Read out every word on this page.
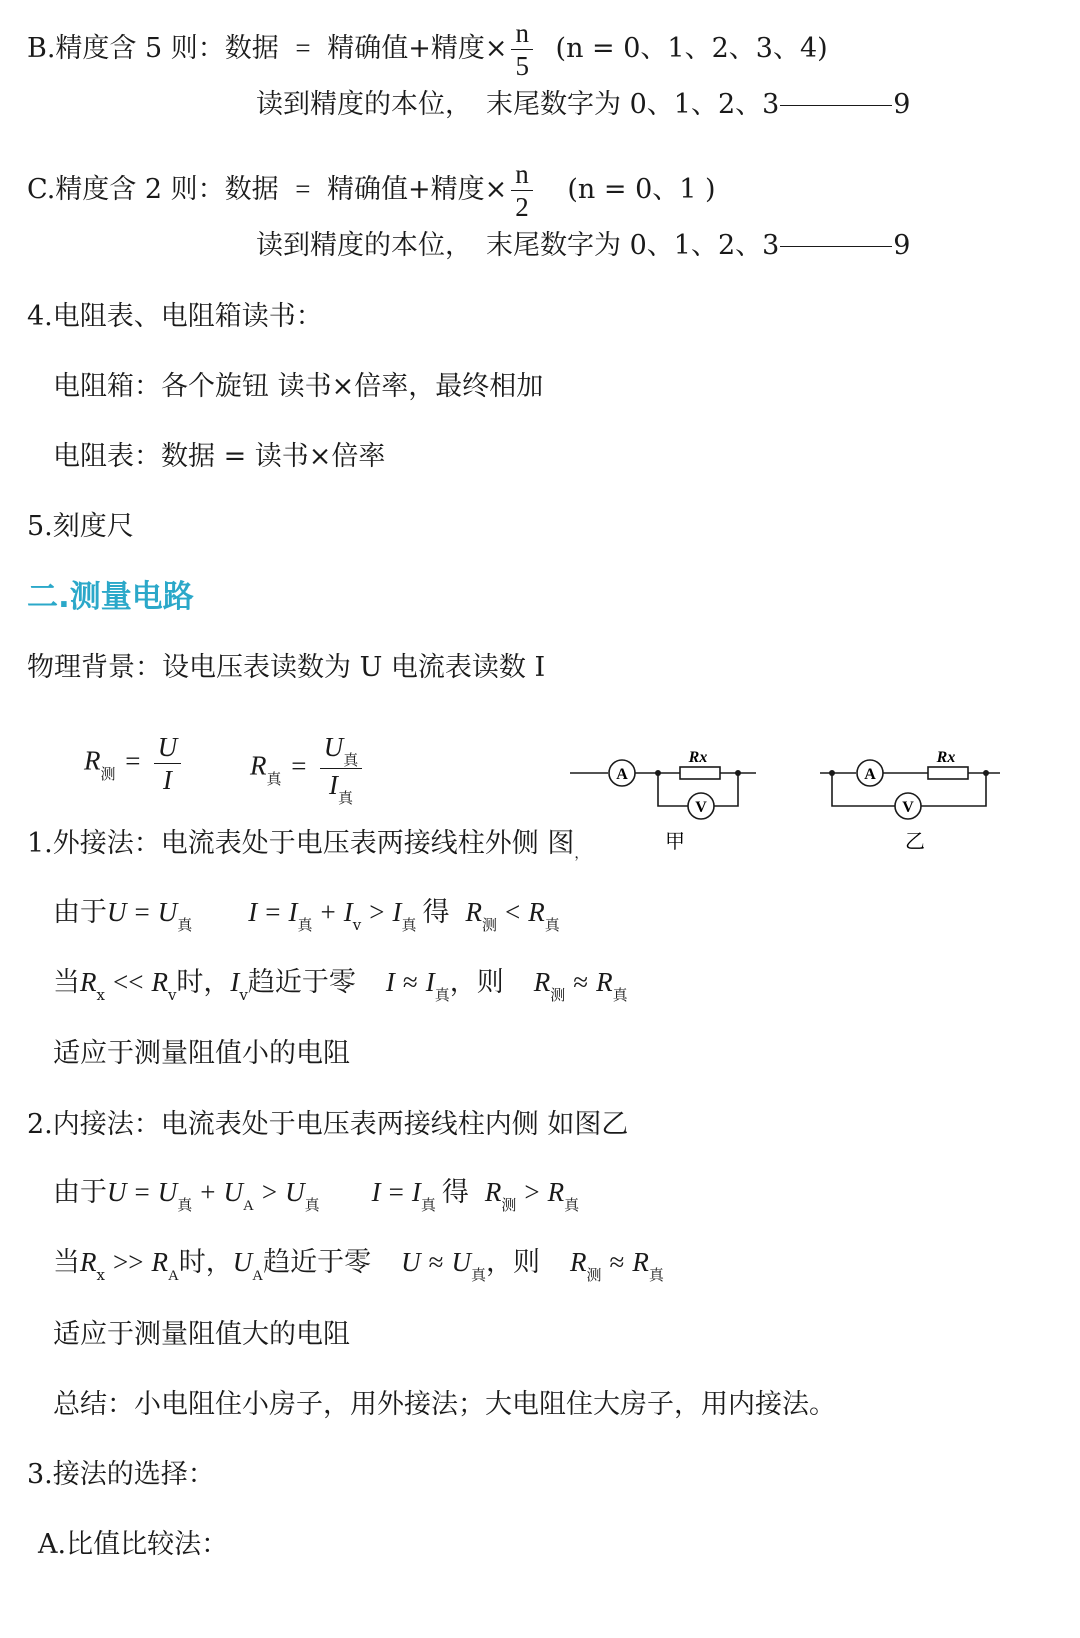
B.精度含 5 则：数据 = 精确值+精度× $\frac{n}{5} (n = 0$、1、2、3、4)
读到精度的本位， 末尾数字为 0、1、2、3	9
C.精度含 2 则：数据 = 精确值+精度× $\frac{n}{2} (n = 0$、1 )
读到精度的本位， 末尾数字为 0、1、2、3	9
4.电阻表、电阻箱读书：
电阻箱：各个旋钮 读书×倍率，最终相加
电阻表：数据 = 读书×倍率
5.刻度尺
二.测量电路
物理背景：设电压表读数为 U 电流表读数 I
$R_测 = \frac{U}{I}$	$R_真 = \frac{U_真}{I_真}$	A
Rx
V
甲
A
Rx
V
乙
1.外接法：电流表处于电压表两接线柱外侧 图$_,$
由于$U = U_真$ $I = I_真 + I_v > I_真$ 得 $R_测 < R_真$
当$R_x << R_v$时，$I_v$趋近于零 $I \approx I_真$，则 $R_测 \approx R_真$
适应于测量阻值小的电阻
2.内接法：电流表处于电压表两接线柱内侧 如图乙
由于$U = U_真 + U_A > U_真$ $I = I_真$ 得 $R_测 > R_真$
当$R_x >> R_A$时，$U_A$趋近于零 $U \approx U_真$，则 $R_测 \approx R_真$
适应于测量阻值大的电阻
总结：小电阻住小房子，用外接法；大电阻住大房子，用内接法。
3.接法的选择：
A.比值比较法：
